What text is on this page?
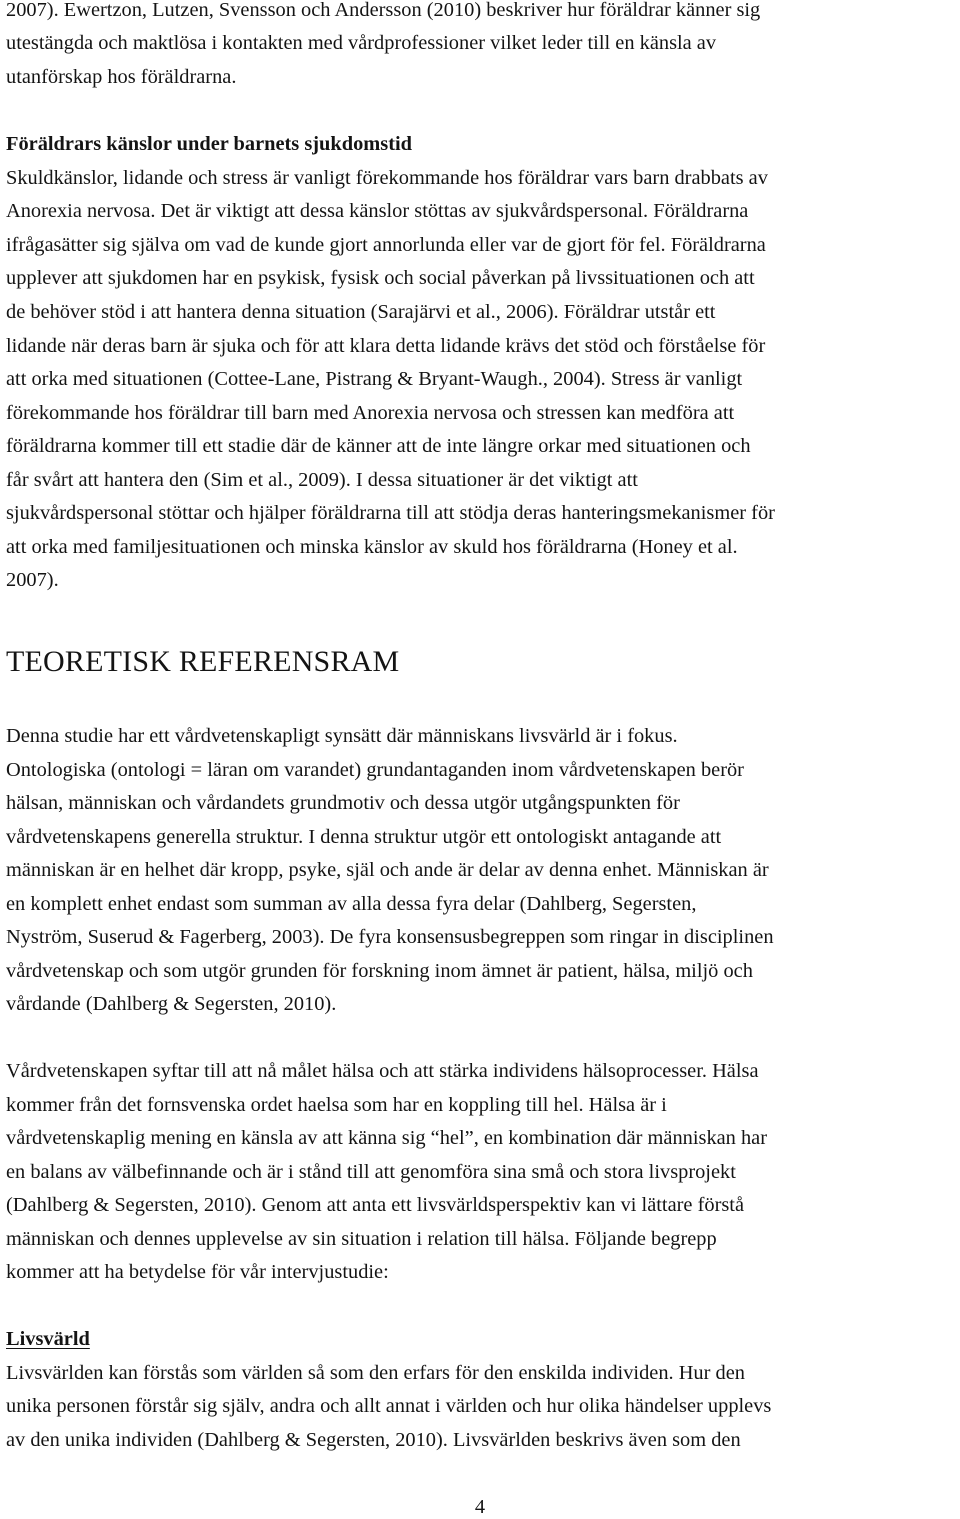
2007). Ewertzon, Lutzen, Svensson och Andersson (2010) beskriver hur föräldrar känner sig

utestängda och maktlösa i kontakten med vårdprofessioner vilket leder till en känsla av

utanförskap hos föräldrarna.

Föräldrars känslor under barnets sjukdomstid

Skuldkänslor, lidande och stress är vanligt förekommande hos föräldrar vars barn drabbats av

Anorexia nervosa. Det är viktigt att dessa känslor stöttas av sjukvårdspersonal. Föräldrarna

ifrågasätter sig själva om vad de kunde gjort annorlunda eller var de gjort för fel. Föräldrarna

upplever att sjukdomen har en psykisk, fysisk och social påverkan på livssituationen och att

de behöver stöd i att hantera denna situation (Sarajärvi et al., 2006). Föräldrar utstår ett

lidande när deras barn är sjuka och för att klara detta lidande krävs det stöd och förståelse för

att orka med situationen (Cottee-Lane, Pistrang & Bryant-Waugh., 2004). Stress är vanligt

förekommande hos föräldrar till barn med Anorexia nervosa och stressen kan medföra att

föräldrarna kommer till ett stadie där de känner att de inte längre orkar med situationen och

får svårt att hantera den (Sim et al., 2009). I dessa situationer är det viktigt att

sjukvårdspersonal stöttar och hjälper föräldrarna till att stödja deras hanteringsmekanismer för

att orka med familjesituationen och minska känslor av skuld hos föräldrarna (Honey et al.

2007).

TEOREТISK REFERENSRAM

Denna studie har ett vårdvetenskapligt synsätt där människans livsvärld är i fokus.

Ontologiska (ontologi = läran om varandet) grundantaganden inom vårdvetenskapen berör

hälsan, människan och vårdandets grundmotiv och dessa utgör utgångspunkten för

vårdvetenskapens generella struktur. I denna struktur utgör ett ontologiskt antagande att

människan är en helhet där kropp, psyke, själ och ande är delar av denna enhet. Människan är

en komplett enhet endast som summan av alla dessa fyra delar (Dahlberg, Segersten,

Nyström, Suserud & Fagerberg, 2003). De fyra konsensusbegreppen som ringar in disciplinen

vårdvetenskap och som utgör grunden för forskning inom ämnet är patient, hälsa, miljö och

vårdande (Dahlberg & Segersten, 2010).

Vårdvetenskapen syftar till att nå målet hälsa och att stärka individens hälsoprocesser. Hälsa

kommer från det fornsvenska ordet haelsa som har en koppling till hel. Hälsa är i

vårdvetenskaplig mening en känsla av att känna sig “hel”, en kombination där människan har

en balans av välbefinnande och är i stånd till att genomföra sina små och stora livsprojekt

(Dahlberg & Segersten, 2010). Genom att anta ett livsvärldsperspektiv kan vi lättare förstå

människan och dennes upplevelse av sin situation i relation till hälsa. Följande begrepp

kommer att ha betydelse för vår intervjustudie:

Livsvärld

Livsvärlden kan förstås som världen så som den erfars för den enskilda individen. Hur den

unika personen förstår sig själv, andra och allt annat i världen och hur olika händelser upplevs

av den unika individen (Dahlberg & Segersten, 2010). Livsvärlden beskrivs även som den

4
